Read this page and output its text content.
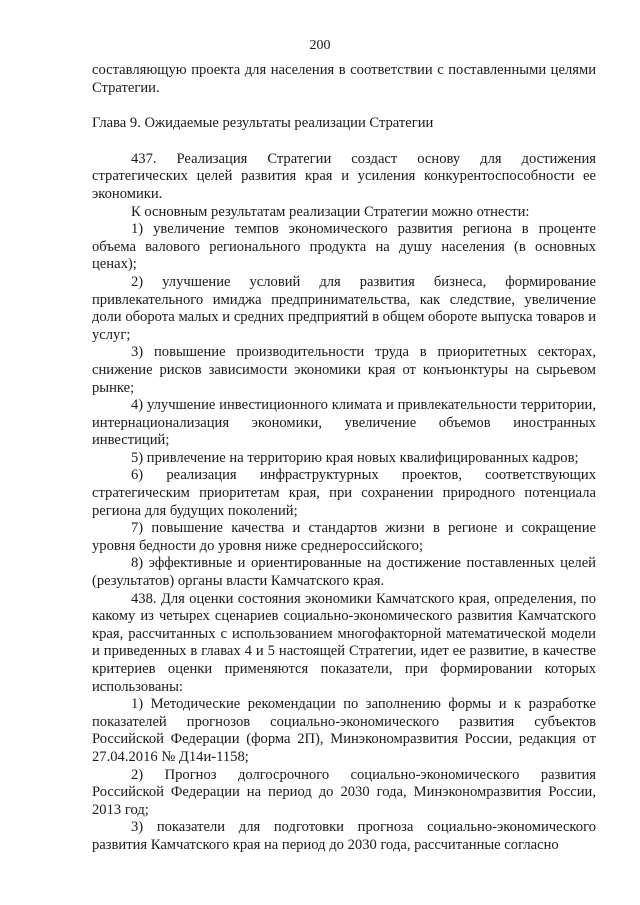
200

составляющую проекта для населения в соответствии с поставленными целями Стратегии.

Глава 9. Ожидаемые результаты реализации Стратегии

437. Реализация Стратегии создаст основу для достижения стратегических целей развития края и усиления конкурентоспособности ее экономики.

К основным результатам реализации Стратегии можно отнести:

1) увеличение темпов экономического развития региона в проценте объема валового регионального продукта на душу населения (в основных ценах);

2) улучшение условий для развития бизнеса, формирование привлекательного имиджа предпринимательства, как следствие, увеличение доли оборота малых и средних предприятий в общем обороте выпуска товаров и услуг;

3) повышение производительности труда в приоритетных секторах, снижение рисков зависимости экономики края от конъюнктуры на сырьевом рынке;

4) улучшение инвестиционного климата и привлекательности территории, интернационализация экономики, увеличение объемов иностранных инвестиций;

5) привлечение на территорию края новых квалифицированных кадров;

6) реализация инфраструктурных проектов, соответствующих стратегическим приоритетам края, при сохранении природного потенциала региона для будущих поколений;

7) повышение качества и стандартов жизни в регионе и сокращение уровня бедности до уровня ниже среднероссийского;

8) эффективные и ориентированные на достижение поставленных целей (результатов) органы власти Камчатского края.

438. Для оценки состояния экономики Камчатского края, определения, по какому из четырех сценариев социально-экономического развития Камчатского края, рассчитанных с использованием многофакторной математической модели и приведенных в главах 4 и 5 настоящей Стратегии, идет ее развитие, в качестве критериев оценки применяются показатели, при формировании которых использованы:

1) Методические рекомендации по заполнению формы и к разработке показателей прогнозов социально-экономического развития субъектов Российской Федерации (форма 2П), Минэкономразвития России, редакция от 27.04.2016 № Д14и-1158;

2) Прогноз долгосрочного социально-экономического развития Российской Федерации на период до 2030 года, Минэкономразвития России, 2013 год;

3) показатели для подготовки прогноза социально-экономического развития Камчатского края на период до 2030 года, рассчитанные согласно
